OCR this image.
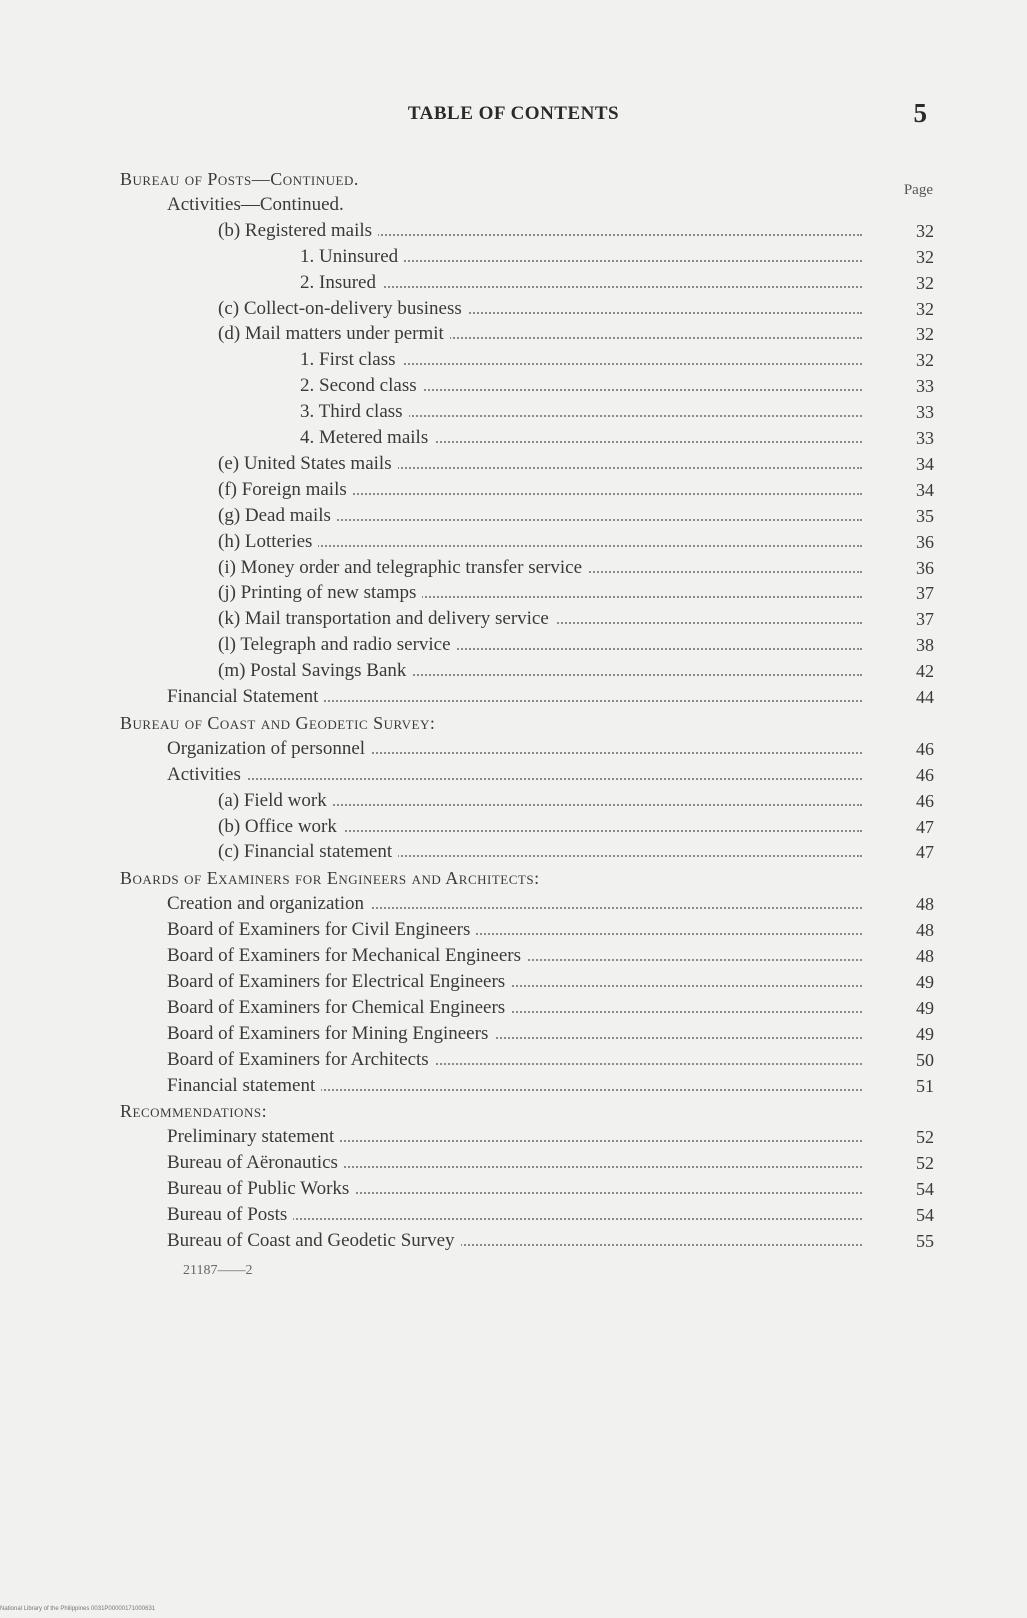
TABLE OF CONTENTS	5
Page
Bureau of Posts—Continued.
Activities—Continued.
(b) Registered mails	32
1. Uninsured	32
2. Insured	32
(c) Collect-on-delivery business	32
(d) Mail matters under permit	32
1. First class	32
2. Second class	33
3. Third class	33
4. Metered mails	33
(e) United States mails	34
(f) Foreign mails	34
(g) Dead mails	35
(h) Lotteries	36
(i) Money order and telegraphic transfer service	36
(j) Printing of new stamps	37
(k) Mail transportation and delivery service	37
(l) Telegraph and radio service	38
(m) Postal Savings Bank	42
Financial Statement	44
Bureau of Coast and Geodetic Survey:
Organization of personnel	46
Activities	46
(a) Field work	46
(b) Office work	47
(c) Financial statement	47
Boards of Examiners for Engineers and Architects:
Creation and organization	48
Board of Examiners for Civil Engineers	48
Board of Examiners for Mechanical Engineers	48
Board of Examiners for Electrical Engineers	49
Board of Examiners for Chemical Engineers	49
Board of Examiners for Mining Engineers	49
Board of Examiners for Architects	50
Financial statement	51
Recommendations:
Preliminary statement	52
Bureau of Aëronautics	52
Bureau of Public Works	54
Bureau of Posts	54
Bureau of Coast and Geodetic Survey	55
21187——2
National Library of the Philippines 0031P00000171000631
